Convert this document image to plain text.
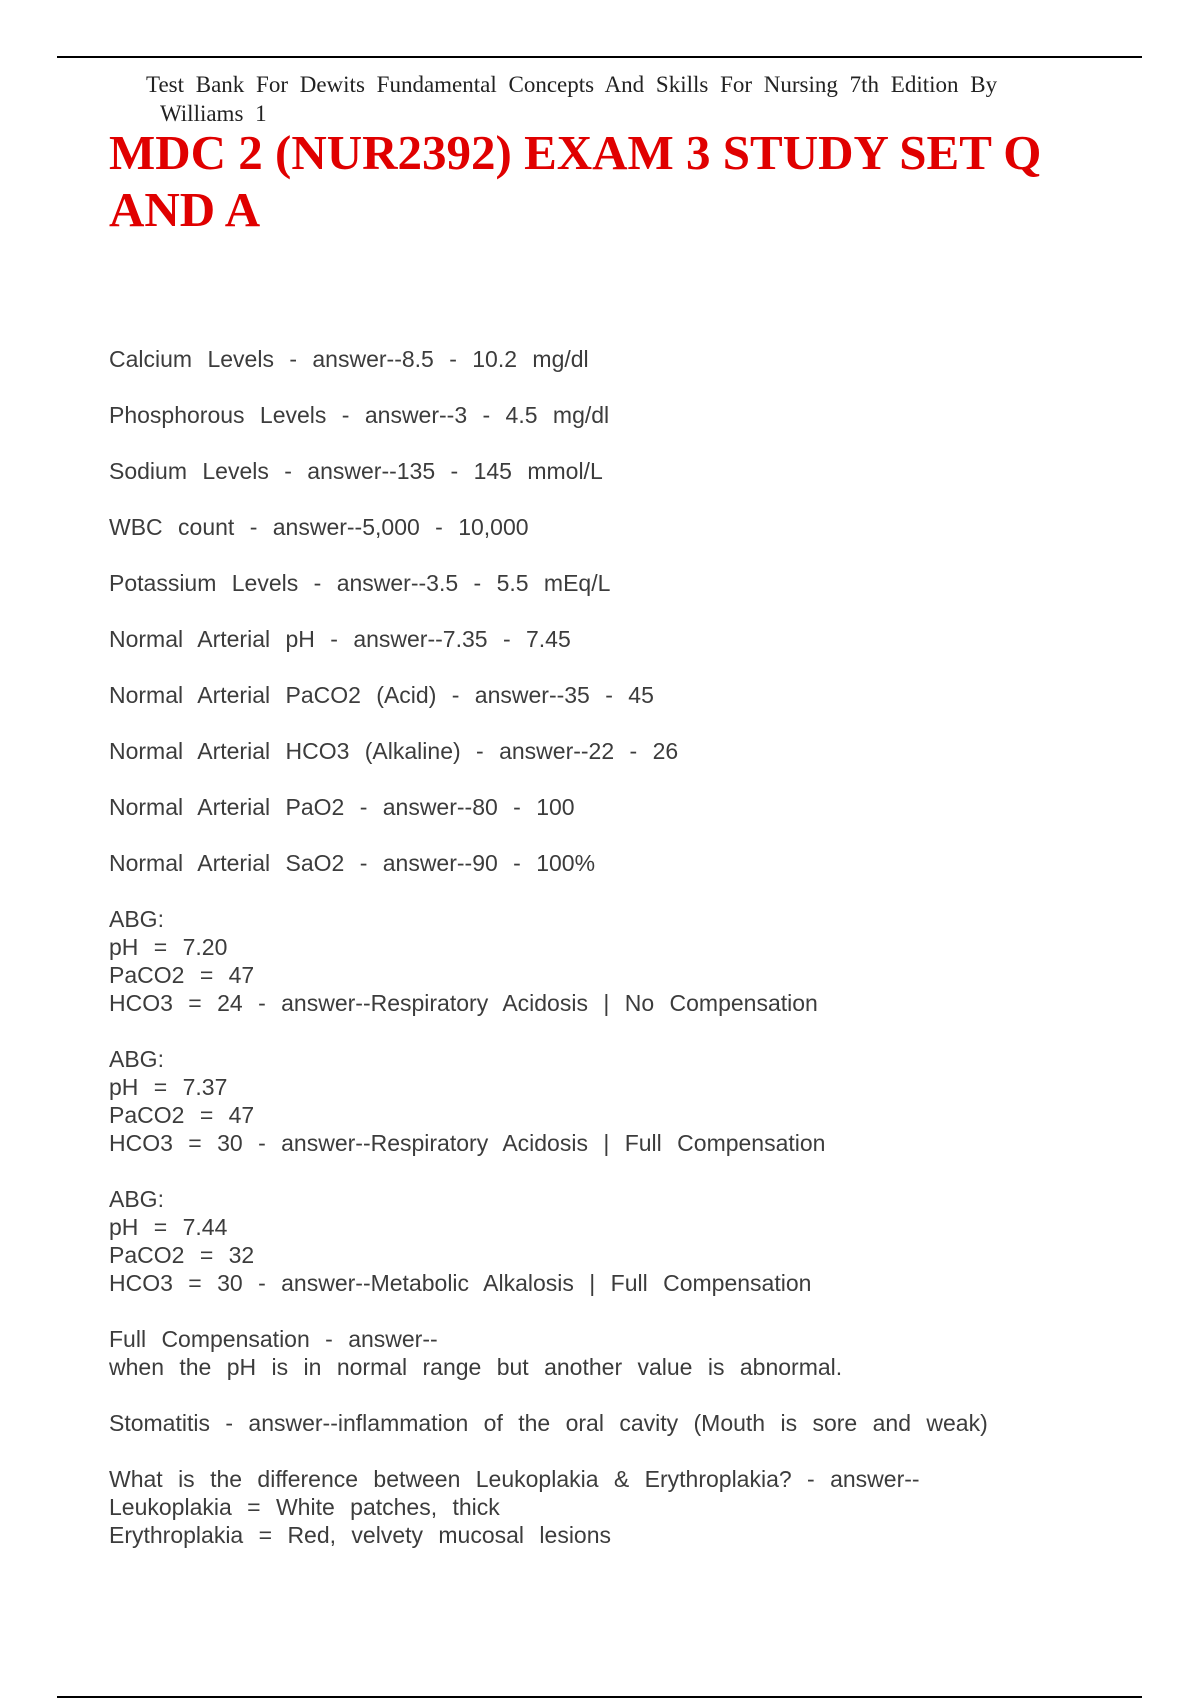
Test Bank For Dewits Fundamental Concepts And Skills For Nursing 7th Edition By
Williams 1
MDC 2 (NUR2392) EXAM 3 STUDY SET Q AND A
Calcium Levels - answer--8.5 - 10.2 mg/dl
Phosphorous Levels - answer--3 - 4.5 mg/dl
Sodium Levels - answer--135 - 145 mmol/L
WBC count - answer--5,000 - 10,000
Potassium Levels - answer--3.5 - 5.5 mEq/L
Normal Arterial pH - answer--7.35 - 7.45
Normal Arterial PaCO2 (Acid) - answer--35 - 45
Normal Arterial HCO3 (Alkaline) - answer--22 - 26
Normal Arterial PaO2 - answer--80 - 100
Normal Arterial SaO2 - answer--90 - 100%
ABG:
pH = 7.20
PaCO2 = 47
HCO3 = 24 - answer--Respiratory Acidosis | No Compensation
ABG:
pH = 7.37
PaCO2 = 47
HCO3 = 30 - answer--Respiratory Acidosis | Full Compensation
ABG:
pH = 7.44
PaCO2 = 32
HCO3 = 30 - answer--Metabolic Alkalosis | Full Compensation
Full Compensation - answer--
when the pH is in normal range but another value is abnormal.
Stomatitis - answer--inflammation of the oral cavity (Mouth is sore and weak)
What is the difference between Leukoplakia & Erythroplakia? - answer--
Leukoplakia = White patches, thick
Erythroplakia = Red, velvety mucosal lesions
